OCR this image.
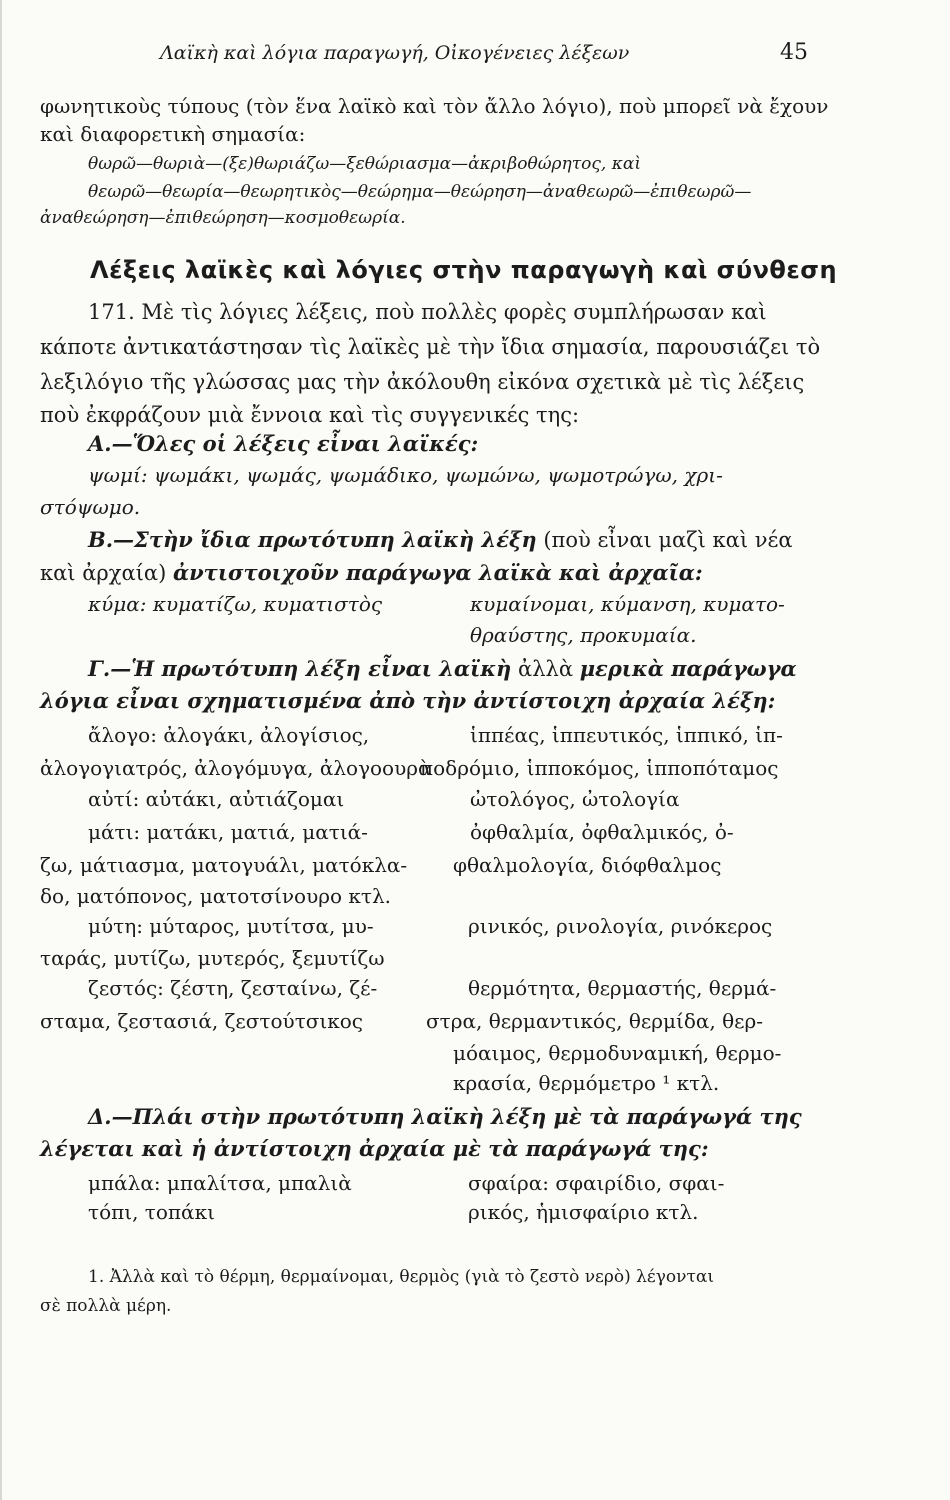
Λαϊκὴ καὶ λόγια παραγωγή, Οἰκογένειες λέξεων	45
φωνητικοὺς τύπους (τὸν ἕνα λαϊκὸ καὶ τὸν ἄλλο λόγιο), ποὺ μπορεῖ νὰ ἔχουν
καὶ διαφορετικὴ σημασία:
θωρῶ—θωριὰ—(ξε)θωριάζω—ξεθώριασμα—ἀκριβοθώρητος, καὶ
θεωρῶ—θεωρία—θεωρητικὸς—θεώρημα—θεώρηση—ἀναθεωρῶ—ἐπιθεωρῶ—
ἀναθεώρηση—ἐπιθεώρηση—κοσμοθεωρία.
Λέξεις λαϊκὲς καὶ λόγιες στὴν παραγωγὴ καὶ σύνθεση
171. Μὲ τὶς λόγιες λέξεις, ποὺ πολλὲς φορὲς συμπλήρωσαν καὶ
κάποτε ἀντικατάστησαν τὶς λαϊκὲς μὲ τὴν ἴδια σημασία, παρουσιάζει τὸ
λεξιλόγιο τῆς γλώσσας μας τὴν ἀκόλουθη εἰκόνα σχετικὰ μὲ τὶς λέξεις
ποὺ ἐκφράζουν μιὰ ἔννοια καὶ τὶς συγγενικές της:
Α.—Ὅλες οἱ λέξεις εἶναι λαϊκές:
ψωμί: ψωμάκι, ψωμάς, ψωμάδικο, ψωμώνω, ψωμοτρώγω, χρι-
στόψωμο.
Β.—Στὴν ἴδια πρωτότυπη λαϊκὴ λέξη (ποὺ εἶναι μαζὶ καὶ νέα
καὶ ἀρχαία) ἀντιστοιχοῦν παράγωγα λαϊκὰ καὶ ἀρχαῖα:
κύμα: κυματίζω, κυματιστὸς	κυμαίνομαι, κύμανση, κυματο-
θραύστης, προκυμαία.
Γ.—Ἡ πρωτότυπη λέξη εἶναι λαϊκὴ ἀλλὰ μερικὰ παράγωγα
λόγια εἶναι σχηματισμένα ἀπὸ τὴν ἀντίστοιχη ἀρχαία λέξη:
ἄλογο: ἀλογάκι, ἀλογίσιος,
ἀλογογιατρός, ἀλογόμυγα, ἀλογοουρὰ
αὐτί: αὐτάκι, αὐτιάζομαι
μάτι: ματάκι, ματιά, ματιά-
ζω, μάτιασμα, ματογυάλι, ματόκλα-
δο, ματόπονος, ματοτσίνουρο κτλ.
μύτη: μύταρος, μυτίτσα, μυ-
ταράς, μυτίζω, μυτερός, ξεμυτίζω
ζεστός: ζέστη, ζεσταίνω, ζέ-
σταμα, ζεστασιά, ζεστούτσικος
ἱππέας, ἱππευτικός, ἱππικό, ἱπ-
ποδρόμιο, ἱπποκόμος, ἱπποπόταμος
ὠτολόγος, ὠτολογία
ὀφθαλμία, ὀφθαλμικός, ὀ-
φθαλμολογία, διόφθαλμος
ρινικός, ρινολογία, ρινόκερος
θερμότητα, θερμαστής, θερμά-
στρα, θερμαντικός, θερμίδα, θερ-
μόαιμος, θερμοδυναμική, θερμο-
κρασία, θερμόμετρο ¹ κτλ.
Δ.—Πλάι στὴν πρωτότυπη λαϊκὴ λέξη μὲ τὰ παράγωγά της
λέγεται καὶ ἡ ἀντίστοιχη ἀρχαία μὲ τὰ παράγωγά της:
μπάλα: μπαλίτσα, μπαλιὰ
τόπι, τοπάκι
σφαίρα: σφαιρίδιο, σφαι-
ρικός, ἡμισφαίριο κτλ.
1. Ἀλλὰ καὶ τὸ θέρμη, θερμαίνομαι, θερμὸς (γιὰ τὸ ζεστὸ νερὸ) λέγονται
σὲ πολλὰ μέρη.
